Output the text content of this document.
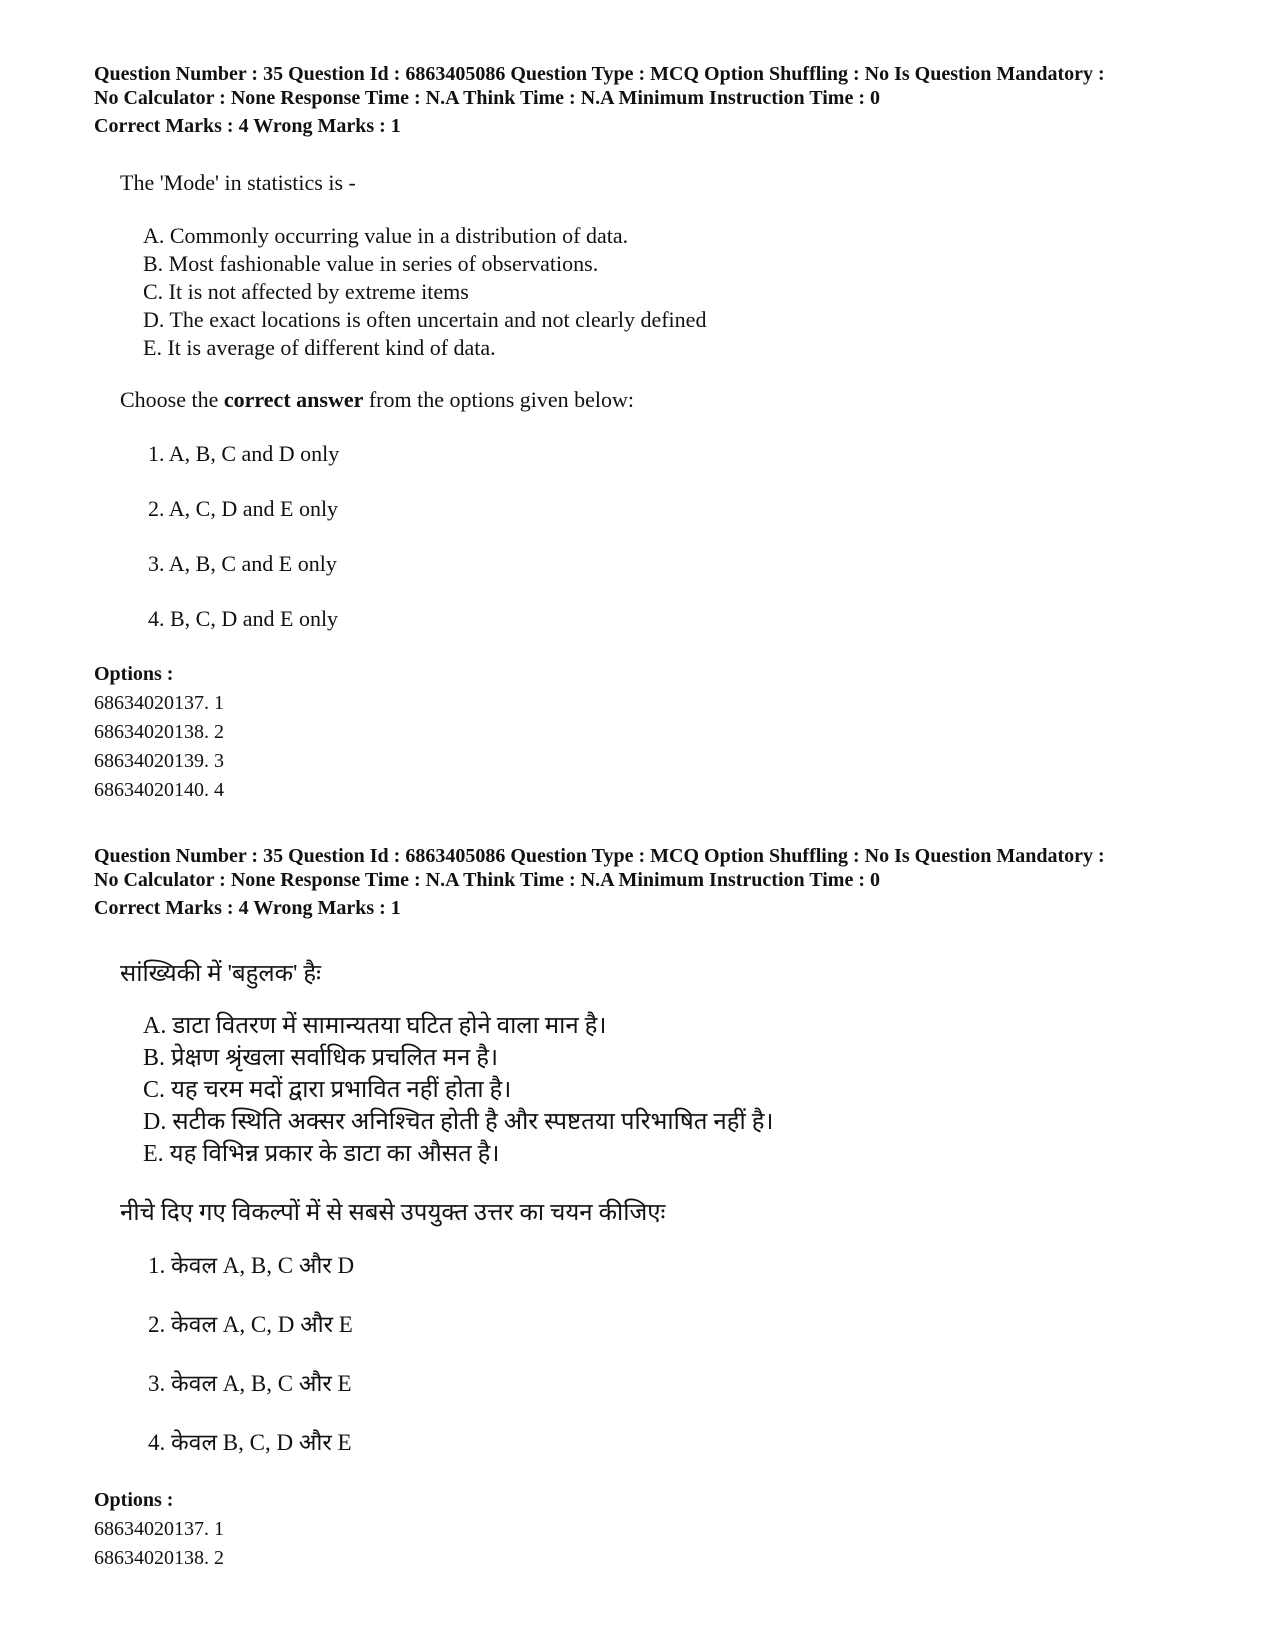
Question Number : 35 Question Id : 6863405086 Question Type : MCQ Option Shuffling : No Is Question Mandatory :
No Calculator : None Response Time : N.A Think Time : N.A Minimum Instruction Time : 0
Correct Marks : 4 Wrong Marks : 1
The 'Mode' in statistics is -
A. Commonly occurring value in a distribution of data.
B. Most fashionable value in series of observations.
C. It is not affected by extreme items
D. The exact locations is often uncertain and not clearly defined
E. It is average of different kind of data.
Choose the correct answer from the options given below:
1. A, B, C and D only
2. A, C, D and E only
3. A, B, C and E only
4. B, C, D and E only
Options :
68634020137. 1
68634020138. 2
68634020139. 3
68634020140. 4
Question Number : 35 Question Id : 6863405086 Question Type : MCQ Option Shuffling : No Is Question Mandatory :
No Calculator : None Response Time : N.A Think Time : N.A Minimum Instruction Time : 0
Correct Marks : 4 Wrong Marks : 1
सांख्यिकी में 'बहुलक' हैः
A. डाटा वितरण में सामान्यतया घटित होने वाला मान है।
B. प्रेक्षण श्रृंखला सर्वाधिक प्रचलित मन है।
C. यह चरम मदों द्वारा प्रभावित नहीं होता है।
D. सटीक स्थिति अक्सर अनिश्चित होती है और स्पष्टतया परिभाषित नहीं है।
E. यह विभिन्न प्रकार के डाटा का औसत है।
नीचे दिए गए विकल्पों में से सबसे उपयुक्त उत्तर का चयन कीजिएः
1. केवल A, B, C और D
2. केवल A, C, D और E
3. केवल A, B, C और E
4. केवल B, C, D और E
Options :
68634020137. 1
68634020138. 2
